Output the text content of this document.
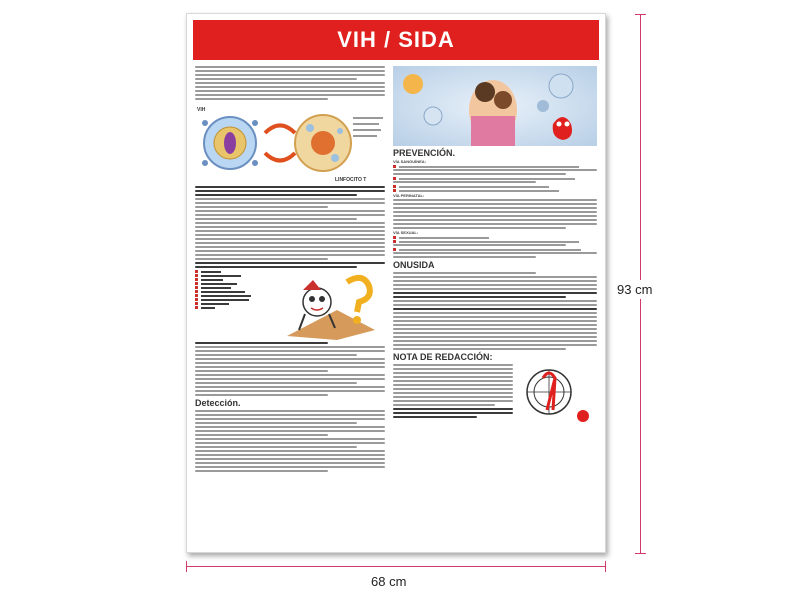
VIH / SIDA
VIH
LINFOCITO T
Detección.
PREVENCIÓN.
VÍA SANGUÍNEA:
VÍA PERINATAL:
VÍA SEXUAL:
ONUSIDA
NOTA DE REDACCIÓN:
93 cm
68 cm
